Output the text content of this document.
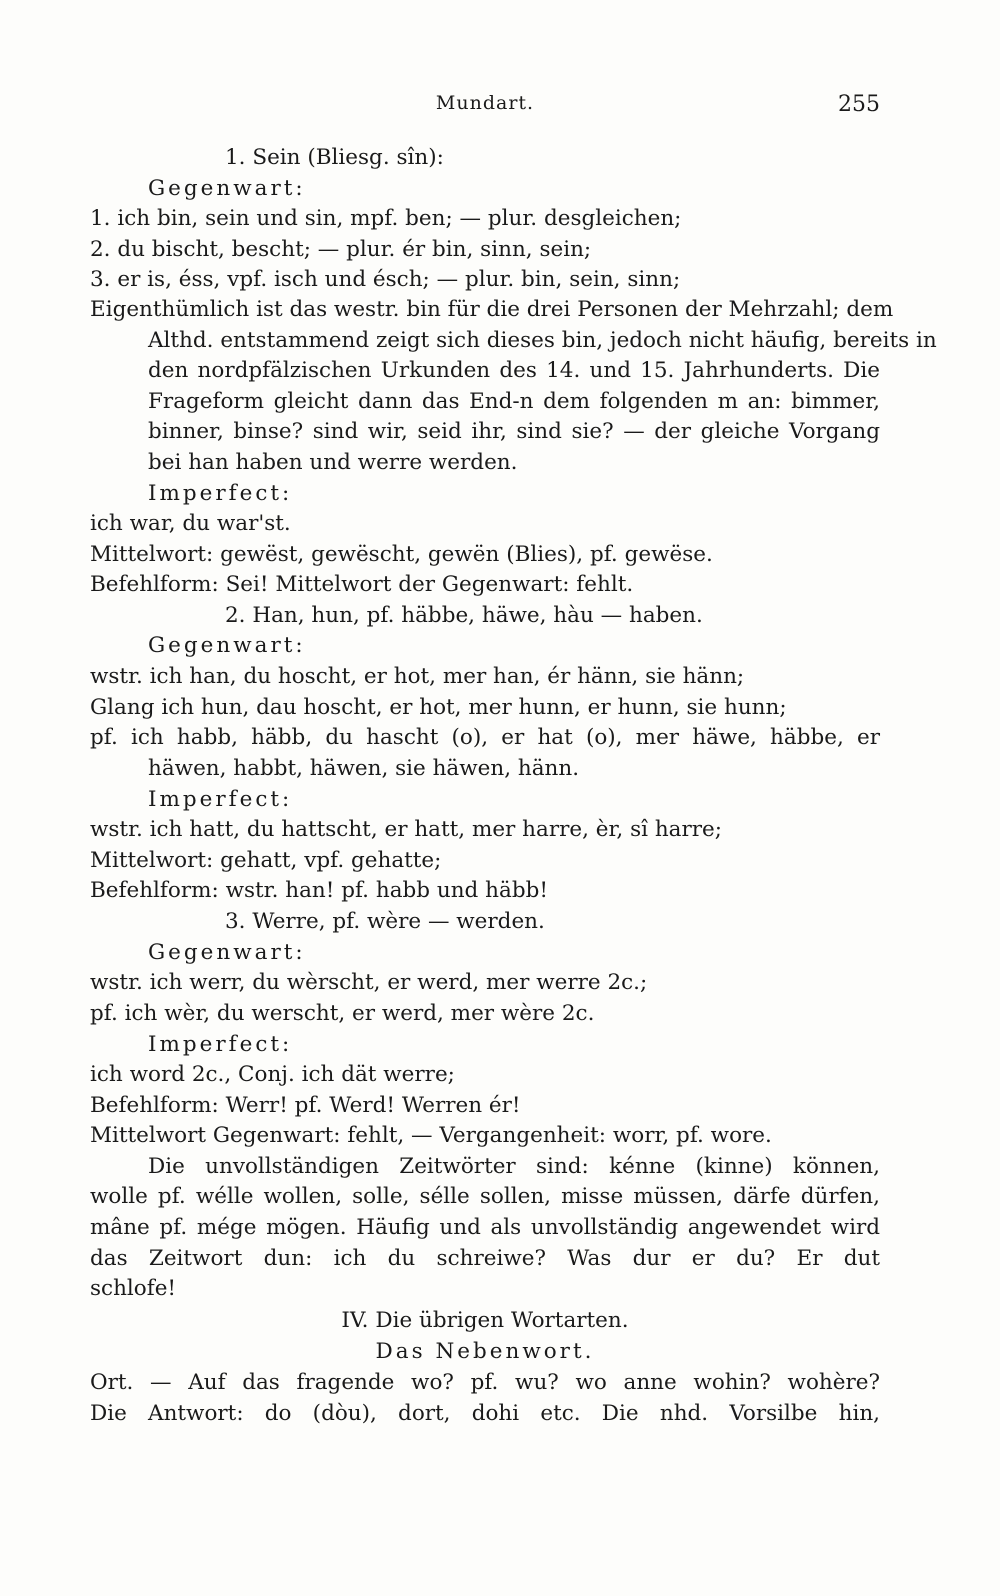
Mundart.	255
1. Sein (Bliesg. sîn):
Gegenwart:
1. ich bin, sein und sin, mpf. ben; — plur. desgleichen;
2. du bischt, bescht; — plur. ér bin, sinn, sein;
3. er is, éss, vpf. isch und ésch; — plur. bin, sein, sinn;
Eigenthümlich ist das westr. bin für die drei Personen der Mehrzahl; dem
Althd. entstammend zeigt sich dieses bin, jedoch nicht häufig, bereits in
den nordpfälzischen Urkunden des 14. und 15. Jahrhunderts. Die
Frageform gleicht dann das End-n dem folgenden m an: bimmer,
binner, binse? sind wir, seid ihr, sind sie? — der gleiche Vorgang
bei han haben und werre werden.
Imperfect:
ich war, du war'st.
Mittelwort: gewëst, gewëscht, gewën (Blies), pf. gewëse.
Befehlform: Sei! Mittelwort der Gegenwart: fehlt.
2. Han, hun, pf. häbbe, häwe, hàu — haben.
Gegenwart:
wstr. ich han, du hoscht, er hot, mer han, ér hänn, sie hänn;
Glang ich hun, dau hoscht, er hot, mer hunn, er hunn, sie hunn;
pf. ich habb, häbb, du hascht (o), er hat (o), mer häwe, häbbe, er
häwen, habbt, häwen, sie häwen, hänn.
Imperfect:
wstr. ich hatt, du hattscht, er hatt, mer harre, èr, sî harre;
Mittelwort: gehatt, vpf. gehatte;
Befehlform: wstr. han! pf. habb und häbb!
3. Werre, pf. wère — werden.
Gegenwart:
wstr. ich werr, du wèrscht, er werd, mer werre 2c.;
pf. ich wèr, du werscht, er werd, mer wère 2c.
Imperfect:
ich word 2c., Conj. ich dät werre;
Befehlform: Werr! pf. Werd! Werren ér!
Mittelwort Gegenwart: fehlt, — Vergangenheit: worr, pf. wore.
Die unvollständigen Zeitwörter sind: kénne (kinne) können,
wolle pf. wélle wollen, solle, sélle sollen, misse müssen, därfe dürfen,
mâne pf. mége mögen. Häufig und als unvollständig angewendet wird
das Zeitwort dun: ich du schreiwe? Was dur er du? Er dut
schlofe!
IV. Die übrigen Wortarten.
Das Nebenwort.
Ort. — Auf das fragende wo? pf. wu? wo anne wohin? wohère?
Die Antwort: do (dòu), dort, dohi etc. Die nhd. Vorsilbe hin,
